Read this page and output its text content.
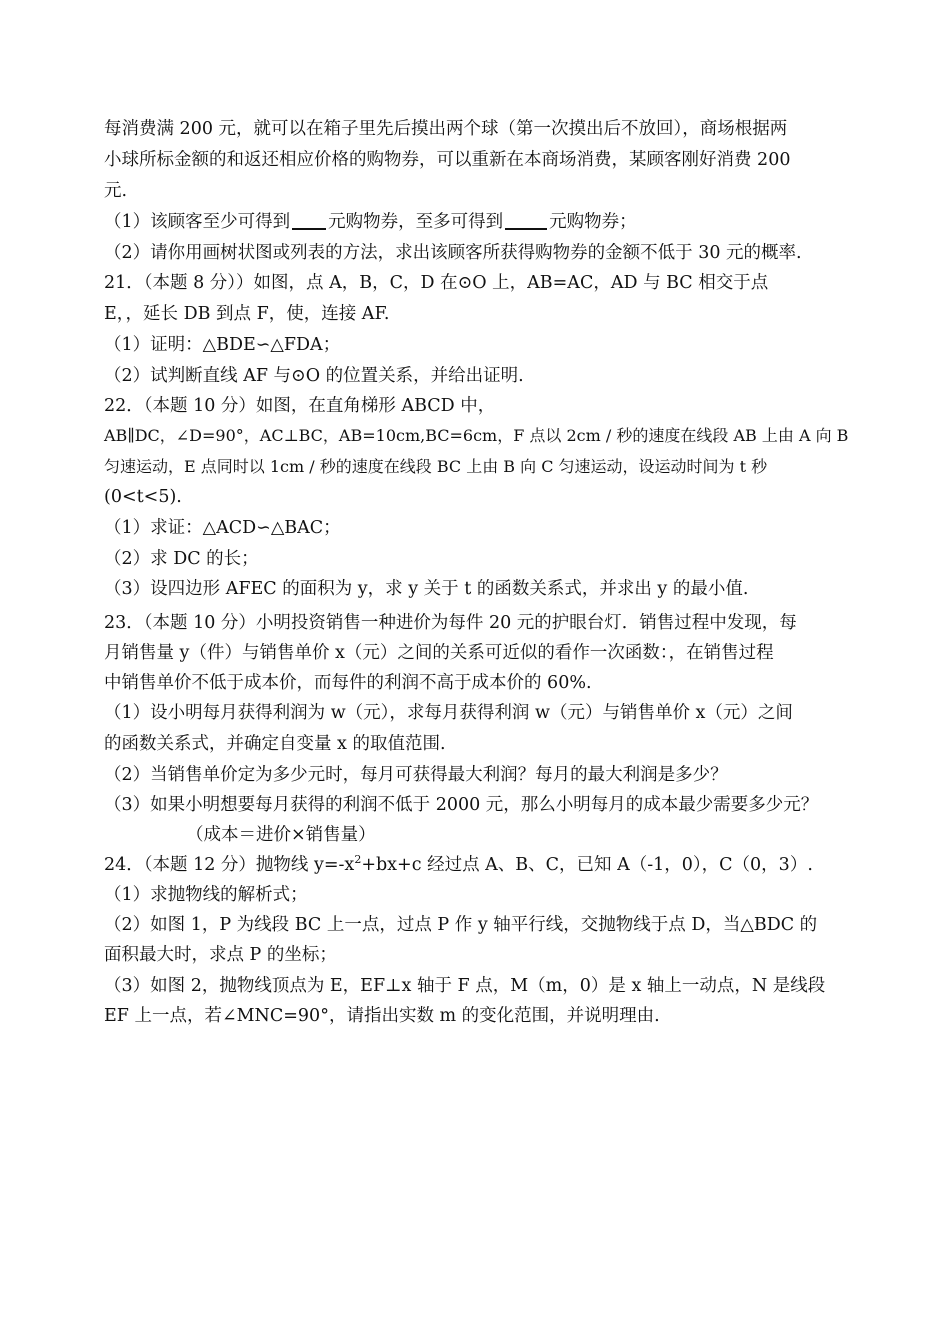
每消费满 200 元，就可以在箱子里先后摸出两个球（第一次摸出后不放回），商场根据两
小球所标金额的和返还相应价格的购物券，可以重新在本商场消费，某顾客刚好消费 200
元.
（1）该顾客至少可得到 元购物券，至多可得到	元购物券；
（2）请你用画树状图或列表的方法，求出该顾客所获得购物券的金额不低于 30 元的概率.
21．（本题 8 分））如图，点 A，B，C，D 在⊙O 上，AB=AC，AD 与 BC 相交于点
E，，延长 DB 到点 F，使，连接 AF.
（1）证明：△BDE∽△FDA；
（2）试判断直线 AF 与⊙O 的位置关系，并给出证明.
22．（本题 10 分）如图，在直角梯形 ABCD 中，
AB∥DC，∠D=90°，AC⊥BC，AB=10cm,BC=6cm，F 点以 2cm / 秒的速度在线段 AB 上由 A 向 B
匀速运动，E 点同时以 1cm / 秒的速度在线段 BC 上由 B 向 C 匀速运动，设运动时间为 t 秒
(0<t<5).
（1）求证：△ACD∽△BAC；
（2）求 DC 的长；
（3）设四边形 AFEC 的面积为 y，求 y 关于 t 的函数关系式，并求出 y 的最小值.
23．（本题 10 分）小明投资销售一种进价为每件 20 元的护眼台灯．销售过程中发现，每
月销售量 y（件）与销售单价 x（元）之间的关系可近似的看作一次函数：，在销售过程
中销售单价不低于成本价，而每件的利润不高于成本价的 60%.
（1）设小明每月获得利润为 w（元），求每月获得利润 w（元）与销售单价 x（元）之间
的函数关系式，并确定自变量 x 的取值范围.
（2）当销售单价定为多少元时，每月可获得最大利润？每月的最大利润是多少？
（3）如果小明想要每月获得的利润不低于 2000 元，那么小明每月的成本最少需要多少元？
（成本＝进价×销售量）
24．（本题 12 分）抛物线 $y=-x^2+bx+c$ 经过点 A、B、C，已知 A（-1，0），C（0，3）.
（1）求抛物线的解析式；
（2）如图 1，P 为线段 BC 上一点，过点 P 作 y 轴平行线，交抛物线于点 D，当△BDC 的
面积最大时，求点 P 的坐标；
（3）如图 2，抛物线顶点为 E，EF⊥x 轴于 F 点，M（m，0）是 x 轴上一动点，N 是线段
EF 上一点，若∠MNC=90°，请指出实数 m 的变化范围，并说明理由.
